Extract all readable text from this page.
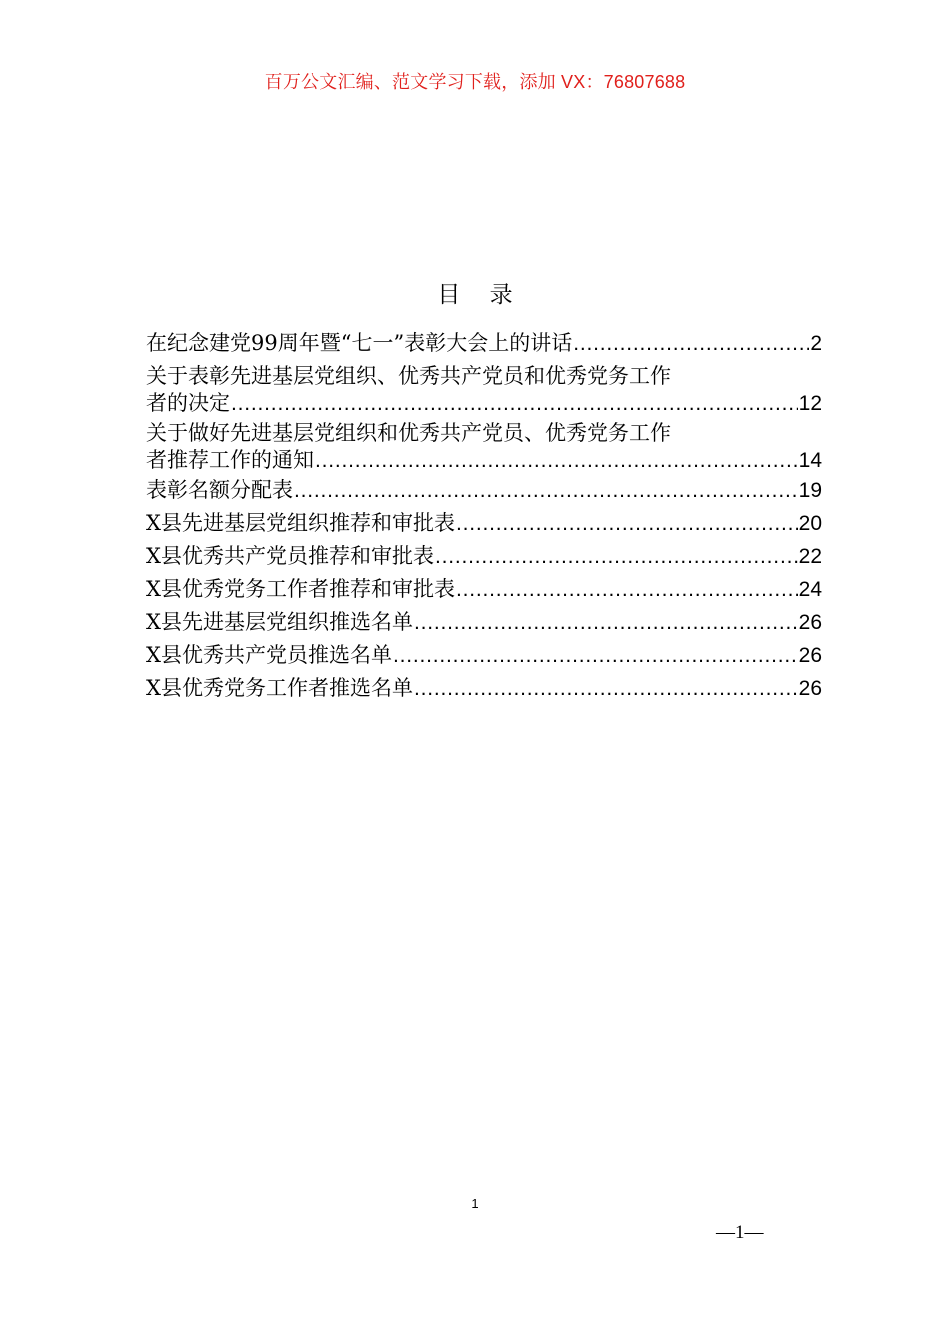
百万公文汇编、范文学习下载，添加 VX：76807688
目    录
在纪念建党99周年暨“七一”表彰大会上的讲话 .....	2
关于表彰先进基层党组织、优秀共产党员和优秀党务工作
者的决定 .....	12
关于做好先进基层党组织和优秀共产党员、优秀党务工作
者推荐工作的通知 .....	14
表彰名额分配表 .....	19
X县先进基层党组织推荐和审批表 .....	20
X县优秀共产党员推荐和审批表 .....	22
X县优秀党务工作者推荐和审批表 .....	24
X县先进基层党组织推选名单 .....	26
X县优秀共产党员推选名单 .....	26
X县优秀党务工作者推选名单 .....	26
1
—1—
